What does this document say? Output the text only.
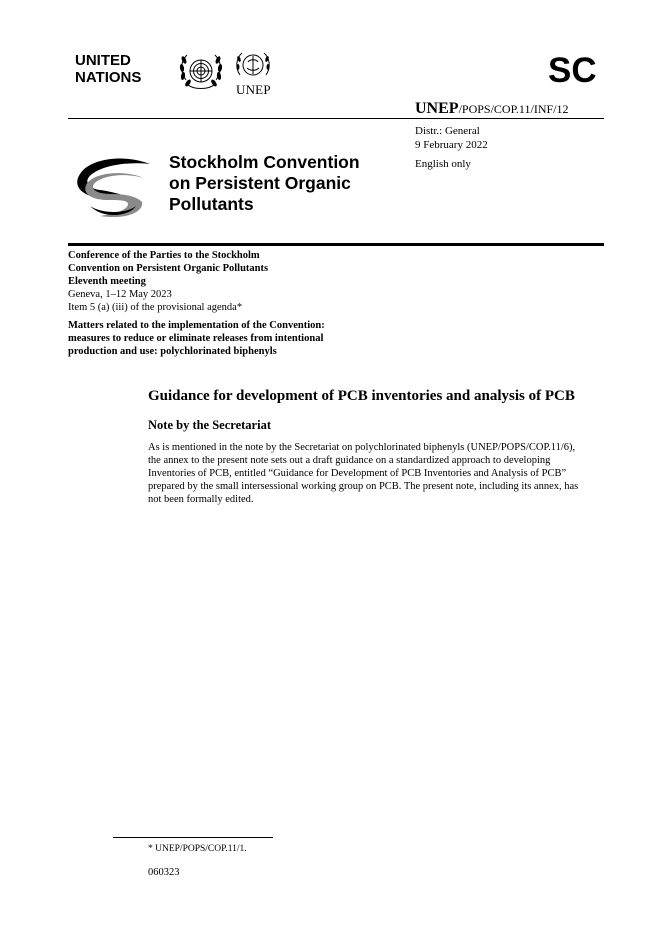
UNITED
NATIONS
UNEP	SC
UNEP/POPS/COP.11/INF/12
Distr.: General
9 February 2022
English only
Stockholm Convention
on Persistent Organic
Pollutants
Conference of the Parties to the Stockholm
Convention on Persistent Organic Pollutants
Eleventh meeting
Geneva, 1–12 May 2023
Item 5 (a) (iii) of the provisional agenda*
Matters related to the implementation of the Convention: measures to reduce or eliminate releases from intentional production and use: polychlorinated biphenyls
Guidance for development of PCB inventories and analysis of PCB
Note by the Secretariat
As is mentioned in the note by the Secretariat on polychlorinated biphenyls (UNEP/POPS/COP.11/6),
the annex to the present note sets out a draft guidance on a standardized approach to developing
Inventories of PCB, entitled “Guidance for Development of PCB Inventories and Analysis of PCB”
prepared by the small intersessional working group on PCB. The present note, including its annex, has
not been formally edited.
* UNEP/POPS/COP.11/1.
060323
